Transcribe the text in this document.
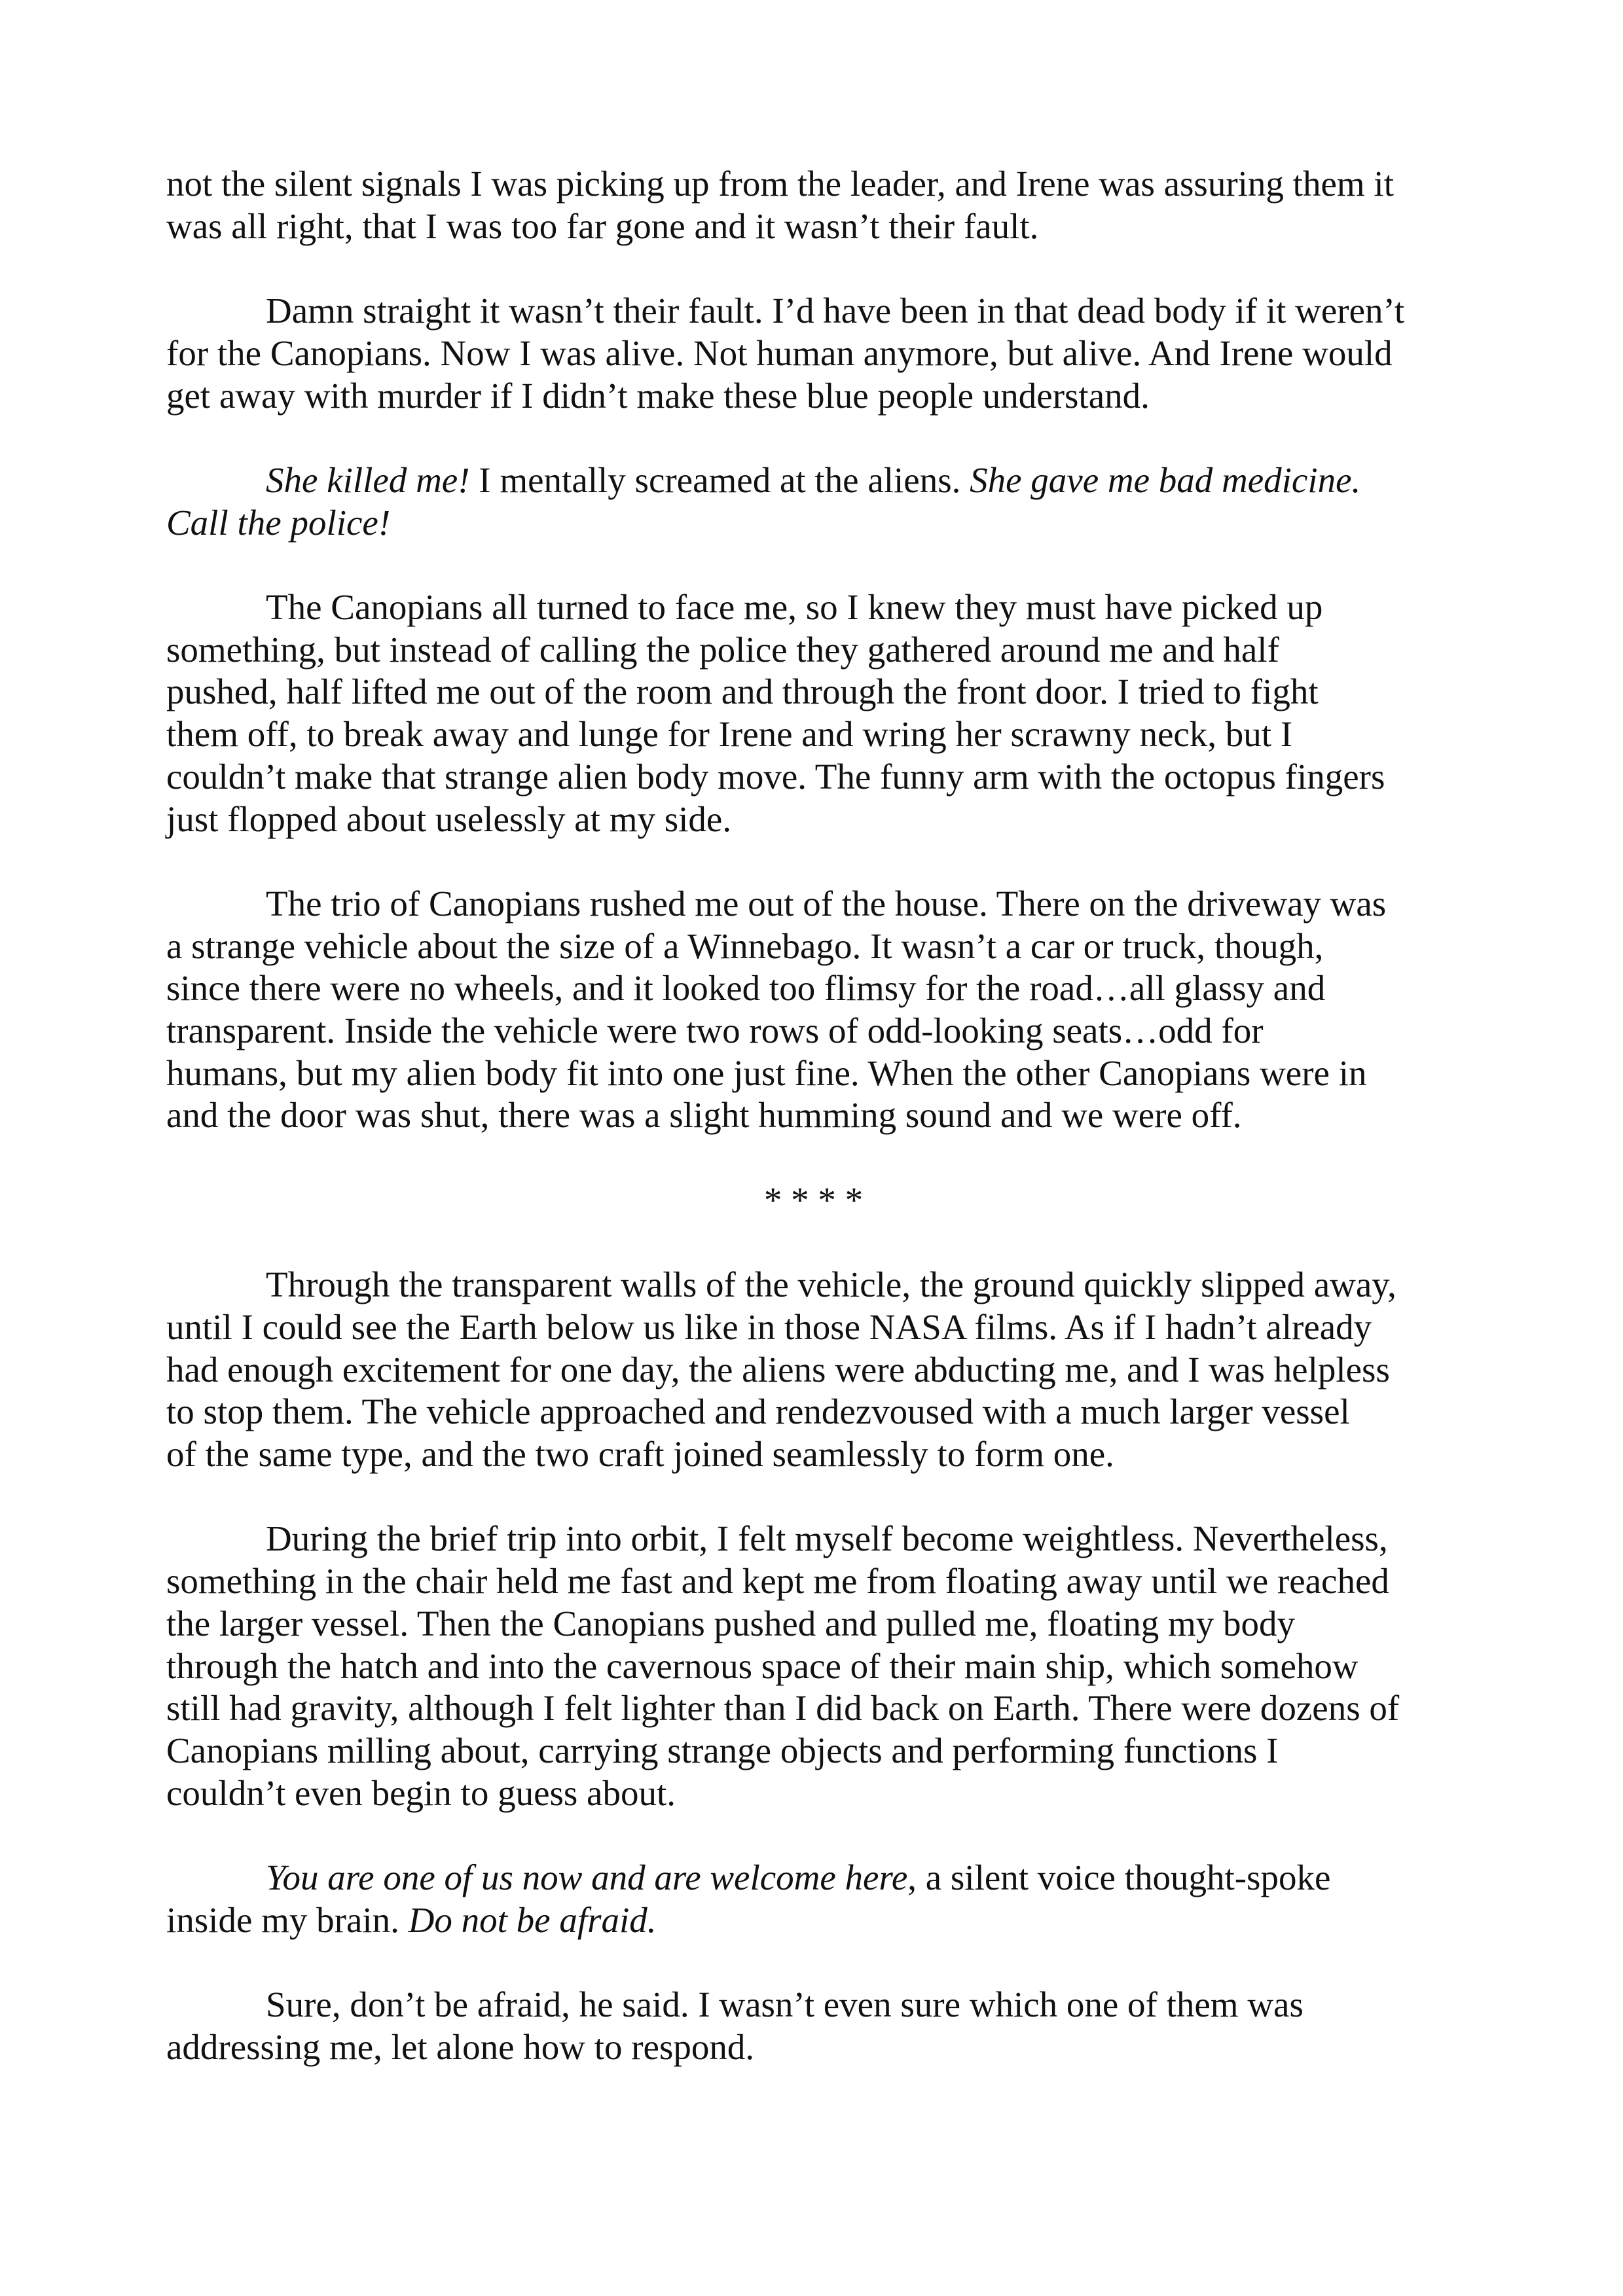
not the silent signals I was picking up from the leader, and Irene was assuring them it
was all right, that I was too far gone and it wasn’t their fault.
Damn straight it wasn’t their fault. I’d have been in that dead body if it weren’t
for the Canopians. Now I was alive. Not human anymore, but alive. And Irene would
get away with murder if I didn’t make these blue people understand.
She killed me! I mentally screamed at the aliens. She gave me bad medicine.
Call the police!
The Canopians all turned to face me, so I knew they must have picked up
something, but instead of calling the police they gathered around me and half
pushed, half lifted me out of the room and through the front door. I tried to fight
them off, to break away and lunge for Irene and wring her scrawny neck, but I
couldn’t make that strange alien body move. The funny arm with the octopus fingers
just flopped about uselessly at my side.
The trio of Canopians rushed me out of the house. There on the driveway was
a strange vehicle about the size of a Winnebago. It wasn’t a car or truck, though,
since there were no wheels, and it looked too flimsy for the road…all glassy and
transparent. Inside the vehicle were two rows of odd-looking seats…odd for
humans, but my alien body fit into one just fine. When the other Canopians were in
and the door was shut, there was a slight humming sound and we were off.
* * * *
Through the transparent walls of the vehicle, the ground quickly slipped away,
until I could see the Earth below us like in those NASA films. As if I hadn’t already
had enough excitement for one day, the aliens were abducting me, and I was helpless
to stop them. The vehicle approached and rendezvoused with a much larger vessel
of the same type, and the two craft joined seamlessly to form one.
During the brief trip into orbit, I felt myself become weightless. Nevertheless,
something in the chair held me fast and kept me from floating away until we reached
the larger vessel. Then the Canopians pushed and pulled me, floating my body
through the hatch and into the cavernous space of their main ship, which somehow
still had gravity, although I felt lighter than I did back on Earth. There were dozens of
Canopians milling about, carrying strange objects and performing functions I
couldn’t even begin to guess about.
You are one of us now and are welcome here, a silent voice thought-spoke
inside my brain. Do not be afraid.
Sure, don’t be afraid, he said. I wasn’t even sure which one of them was
addressing me, let alone how to respond.
